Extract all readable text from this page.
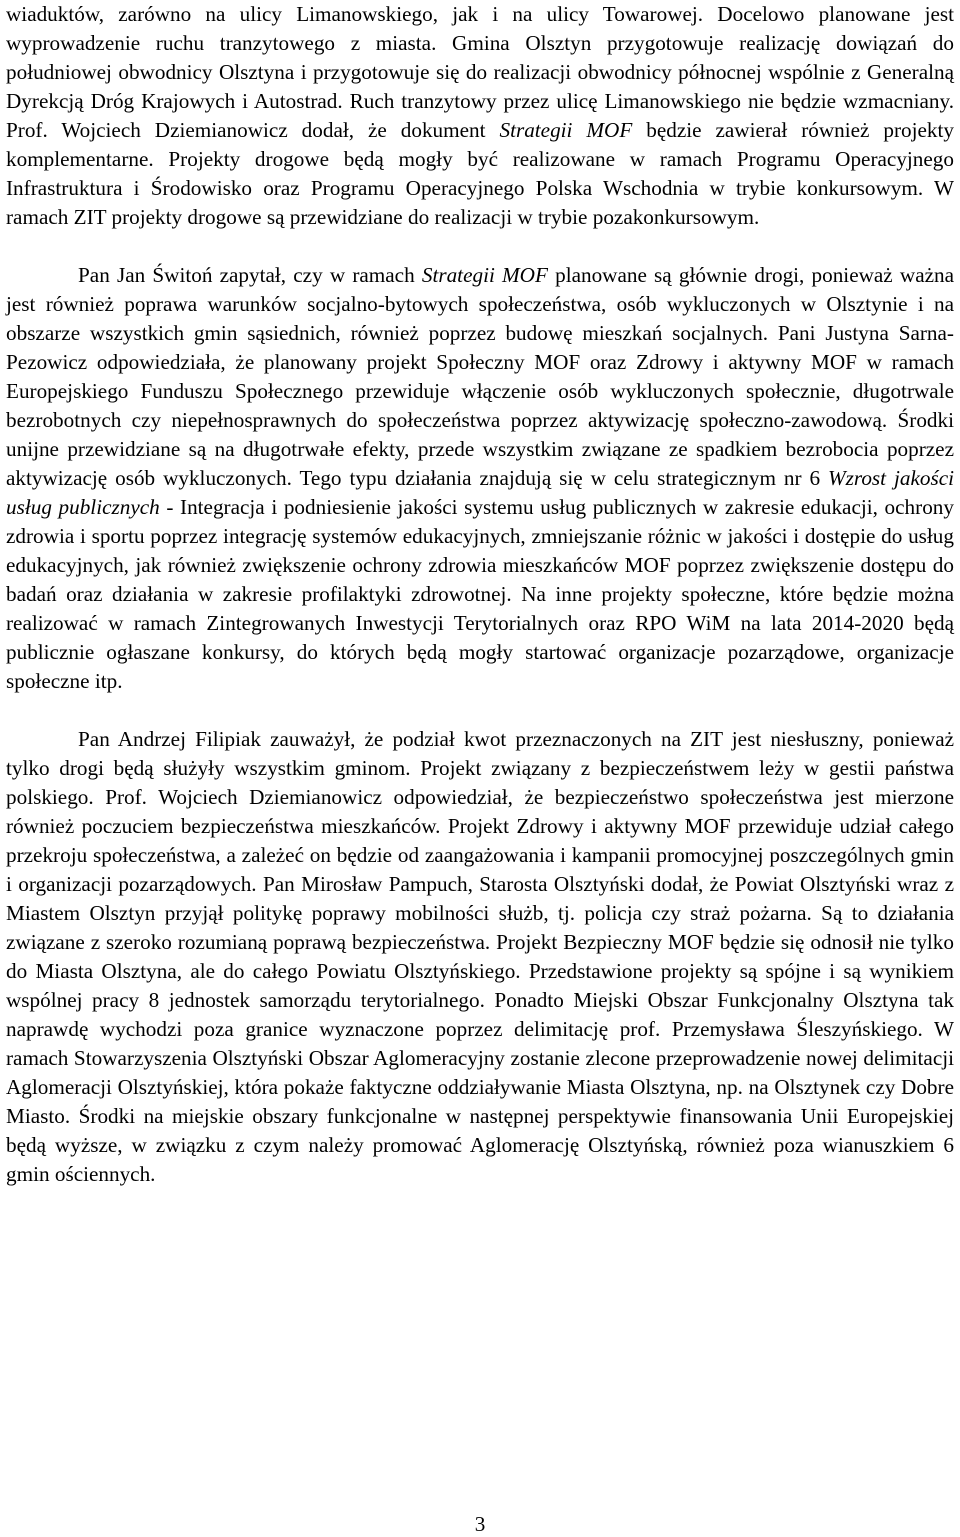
wiaduktów, zarówno na ulicy Limanowskiego, jak i na ulicy Towarowej. Docelowo planowane jest wyprowadzenie ruchu tranzytowego z miasta. Gmina Olsztyn przygotowuje realizację dowiązań do południowej obwodnicy Olsztyna i przygotowuje się do realizacji obwodnicy północnej wspólnie z Generalną Dyrekcją Dróg Krajowych i Autostrad. Ruch tranzytowy przez ulicę Limanowskiego nie będzie wzmacniany. Prof. Wojciech Dziemianowicz dodał, że dokument Strategii MOF będzie zawierał również projekty komplementarne. Projekty drogowe będą mogły być realizowane w ramach Programu Operacyjnego Infrastruktura i Środowisko oraz Programu Operacyjnego Polska Wschodnia w trybie konkursowym. W ramach ZIT projekty drogowe są przewidziane do realizacji w trybie pozakonkursowym.

Pan Jan Świtoń zapytał, czy w ramach Strategii MOF planowane są głównie drogi, ponieważ ważna jest również poprawa warunków socjalno-bytowych społeczeństwa, osób wykluczonych w Olsztynie i na obszarze wszystkich gmin sąsiednich, również poprzez budowę mieszkań socjalnych. Pani Justyna Sarna-Pezowicz odpowiedziała, że planowany projekt Społeczny MOF oraz Zdrowy i aktywny MOF w ramach Europejskiego Funduszu Społecznego przewiduje włączenie osób wykluczonych społecznie, długotrwale bezrobotnych czy niepełnosprawnych do społeczeństwa poprzez aktywizację społeczno-zawodową. Środki unijne przewidziane są na długotrwałe efekty, przede wszystkim związane ze spadkiem bezrobocia poprzez aktywizację osób wykluczonych. Tego typu działania znajdują się w celu strategicznym nr 6 Wzrost jakości usług publicznych - Integracja i podniesienie jakości systemu usług publicznych w zakresie edukacji, ochrony zdrowia i sportu poprzez integrację systemów edukacyjnych, zmniejszanie różnic w jakości i dostępie do usług edukacyjnych, jak również zwiększenie ochrony zdrowia mieszkańców MOF poprzez zwiększenie dostępu do badań oraz działania w zakresie profilaktyki zdrowotnej. Na inne projekty społeczne, które będzie można realizować w ramach Zintegrowanych Inwestycji Terytorialnych oraz RPO WiM na lata 2014-2020 będą publicznie ogłaszane konkursy, do których będą mogły startować organizacje pozarządowe, organizacje społeczne itp.

Pan Andrzej Filipiak zauważył, że podział kwot przeznaczonych na ZIT jest niesłuszny, ponieważ tylko drogi będą służyły wszystkim gminom. Projekt związany z bezpieczeństwem leży w gestii państwa polskiego. Prof. Wojciech Dziemianowicz odpowiedział, że bezpieczeństwo społeczeństwa jest mierzone również poczuciem bezpieczeństwa mieszkańców. Projekt Zdrowy i aktywny MOF przewiduje udział całego przekroju społeczeństwa, a zależeć on będzie od zaangażowania i kampanii promocyjnej poszczególnych gmin i organizacji pozarządowych. Pan Mirosław Pampuch, Starosta Olsztyński dodał, że Powiat Olsztyński wraz z Miastem Olsztyn przyjął politykę poprawy mobilności służb, tj. policja czy straż pożarna. Są to działania związane z szeroko rozumianą poprawą bezpieczeństwa. Projekt Bezpieczny MOF będzie się odnosił nie tylko do Miasta Olsztyna, ale do całego Powiatu Olsztyńskiego. Przedstawione projekty są spójne i są wynikiem wspólnej pracy 8 jednostek samorządu terytorialnego. Ponadto Miejski Obszar Funkcjonalny Olsztyna tak naprawdę wychodzi poza granice wyznaczone poprzez delimitację prof. Przemysława Śleszyńskiego. W ramach Stowarzyszenia Olsztyński Obszar Aglomeracyjny zostanie zlecone przeprowadzenie nowej delimitacji Aglomeracji Olsztyńskiej, która pokaże faktyczne oddziaływanie Miasta Olsztyna, np. na Olsztynek czy Dobre Miasto. Środki na miejskie obszary funkcjonalne w następnej perspektywie finansowania Unii Europejskiej będą wyższe, w związku z czym należy promować Aglomerację Olsztyńską, również poza wianuszkiem 6 gmin ościennych.

3
